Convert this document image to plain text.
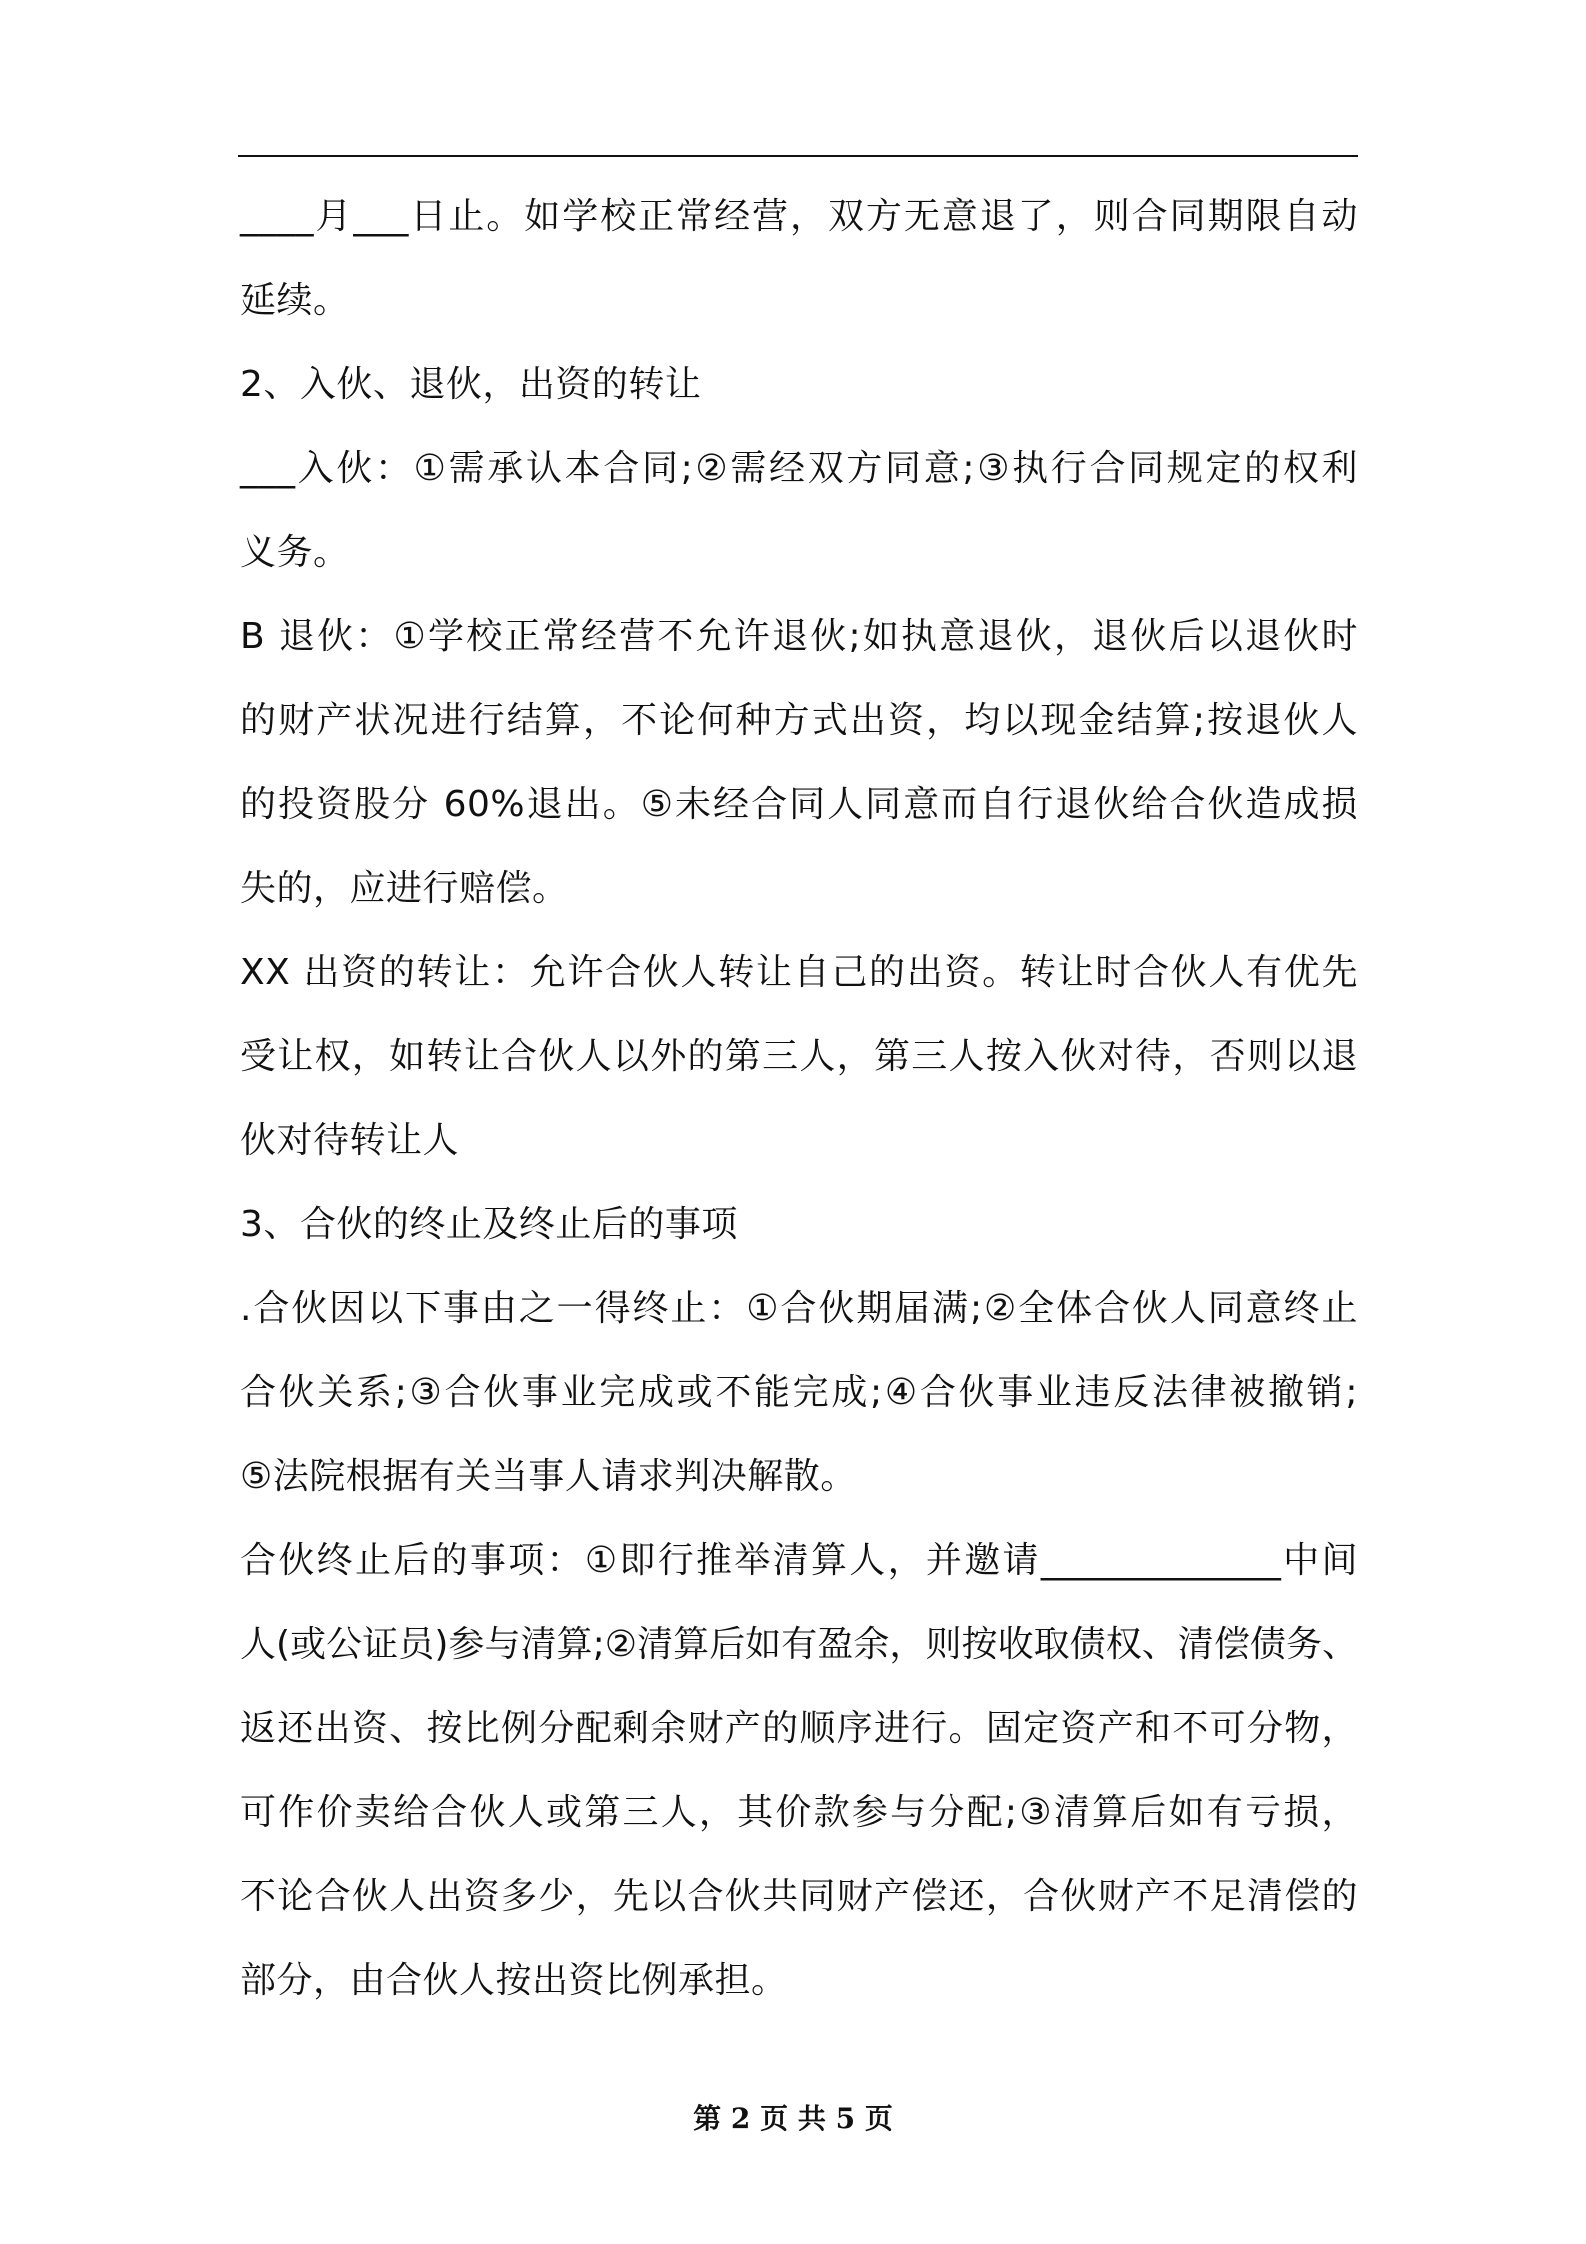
____月___日止。如学校正常经营，双方无意退了，则合同期限自动
延续。
2、入伙、退伙，出资的转让
___入伙：①需承认本合同;②需经双方同意;③执行合同规定的权利
义务。
B 退伙：①学校正常经营不允许退伙;如执意退伙，退伙后以退伙时
的财产状况进行结算，不论何种方式出资，均以现金结算;按退伙人
的投资股分 60%退出。⑤未经合同人同意而自行退伙给合伙造成损
失的，应进行赔偿。
XX 出资的转让：允许合伙人转让自己的出资。转让时合伙人有优先
受让权，如转让合伙人以外的第三人，第三人按入伙对待，否则以退
伙对待转让人
3、合伙的终止及终止后的事项
.合伙因以下事由之一得终止：①合伙期届满;②全体合伙人同意终止
合伙关系;③合伙事业完成或不能完成;④合伙事业违反法律被撤销;
⑤法院根据有关当事人请求判决解散。
合伙终止后的事项：①即行推举清算人，并邀请_____________中间
人(或公证员)参与清算;②清算后如有盈余，则按收取债权、清偿债务、
返还出资、按比例分配剩余财产的顺序进行。固定资产和不可分物，
可作价卖给合伙人或第三人，其价款参与分配;③清算后如有亏损，
不论合伙人出资多少，先以合伙共同财产偿还，合伙财产不足清偿的
部分，由合伙人按出资比例承担。
第 2 页 共 5 页
